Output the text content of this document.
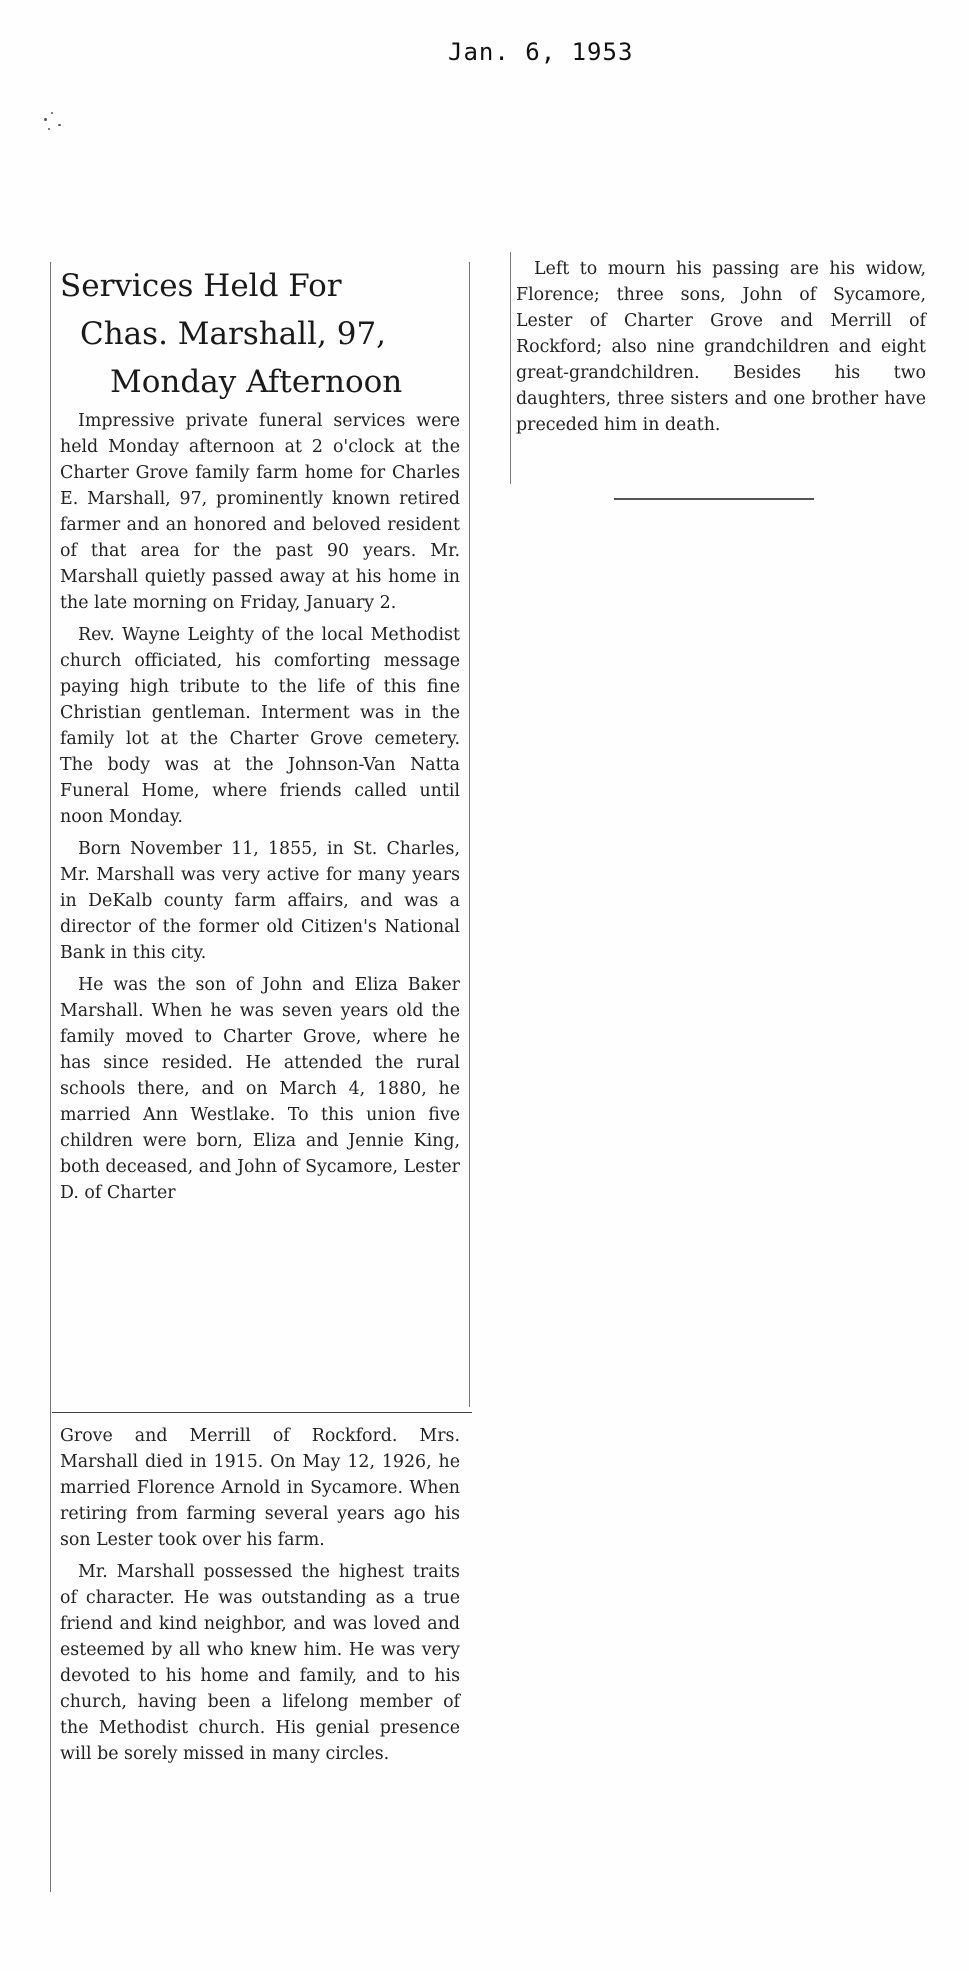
Jan. 6, 1953
Services Held For
Chas. Marshall, 97,
Monday Afternoon

Impressive private funeral services were held Monday afternoon at 2 o'clock at the Charter Grove family farm home for Charles E. Marshall, 97, prominently known retired farmer and an honored and beloved resident of that area for the past 90 years. Mr. Marshall quietly passed away at his home in the late morning on Friday, January 2.

Rev. Wayne Leighty of the local Methodist church officiated, his comforting message paying high tribute to the life of this fine Christian gentleman. Interment was in the family lot at the Charter Grove cemetery. The body was at the Johnson-Van Natta Funeral Home, where friends called until noon Monday.

Born November 11, 1855, in St. Charles, Mr. Marshall was very active for many years in DeKalb county farm affairs, and was a director of the former old Citizen's National Bank in this city.

He was the son of John and Eliza Baker Marshall. When he was seven years old the family moved to Charter Grove, where he has since resided. He attended the rural schools there, and on March 4, 1880, he married Ann Westlake. To this union five children were born, Eliza and Jennie King, both deceased, and John of Sycamore, Lester D. of Charter

Grove and Merrill of Rockford. Mrs. Marshall died in 1915. On May 12, 1926, he married Florence Arnold in Sycamore. When retiring from farming several years ago his son Lester took over his farm.

Mr. Marshall possessed the highest traits of character. He was outstanding as a true friend and kind neighbor, and was loved and esteemed by all who knew him. He was very devoted to his home and family, and to his church, having been a lifelong member of the Methodist church. His genial presence will be sorely missed in many circles.

Left to mourn his passing are his widow, Florence; three sons, John of Sycamore, Lester of Charter Grove and Merrill of Rockford; also nine grandchildren and eight great-grandchildren. Besides his two daughters, three sisters and one brother have preceded him in death.
